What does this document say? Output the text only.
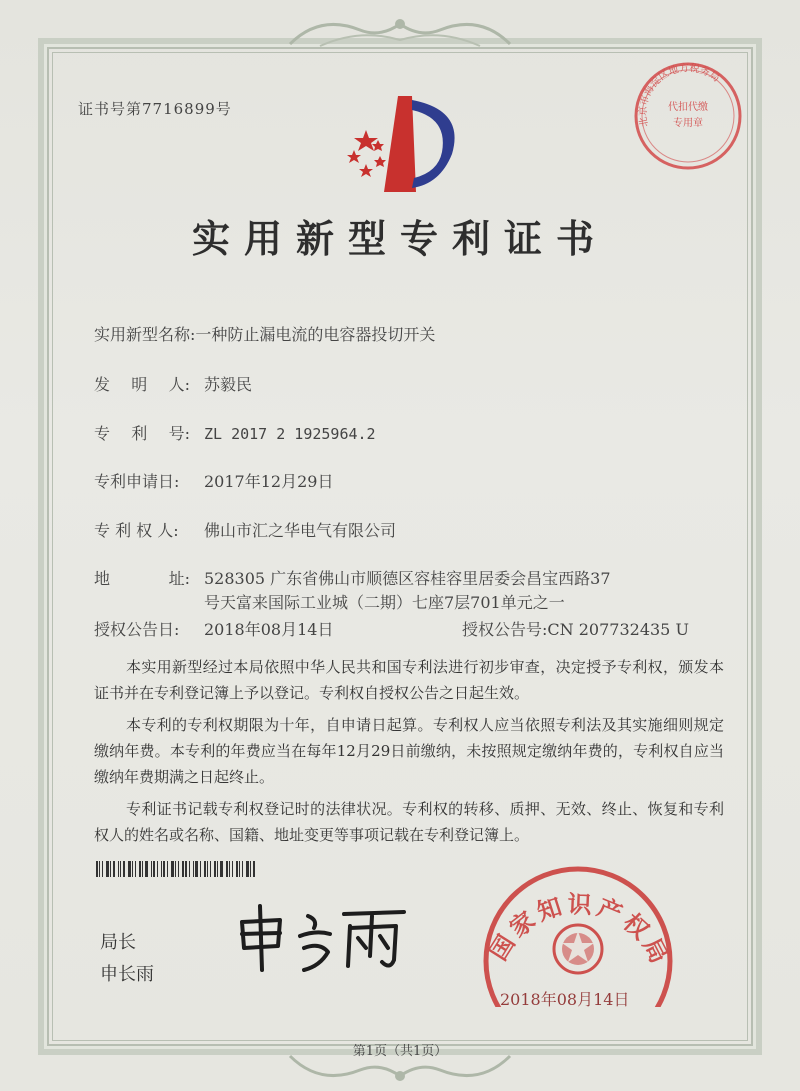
证书号第7716899号
北京市海淀区地方税务局
代扣代缴
专用章
实用新型专利证书
实用新型名称:一种防止漏电流的电容器投切开关
发 明 人: 苏毅民
专 利 号: ZL 2017 2 1925964.2
专利申请日: 2017年12月29日
专 利 权 人: 佛山市汇之华电气有限公司
地	址: 528305 广东省佛山市顺德区容桂容里居委会昌宝西路37
号天富来国际工业城（二期）七座7层701单元之一
授权公告日: 2018年08月14日	授权公告号:CN 207732435 U

本实用新型经过本局依照中华人民共和国专利法进行初步审查，决定授予专利权，颁发本证书并在专利登记簿上予以登记。专利权自授权公告之日起生效。

本专利的专利权期限为十年，自申请日起算。专利权人应当依照专利法及其实施细则规定缴纳年费。本专利的年费应当在每年12月29日前缴纳，未按照规定缴纳年费的，专利权自应当缴纳年费期满之日起终止。

专利证书记载专利权登记时的法律状况。专利权的转移、质押、无效、终止、恢复和专利权人的姓名或名称、国籍、地址变更等事项记载在专利登记簿上。

局长
申长雨
国家知识产权局
2018年08月14日
第1页（共1页）
